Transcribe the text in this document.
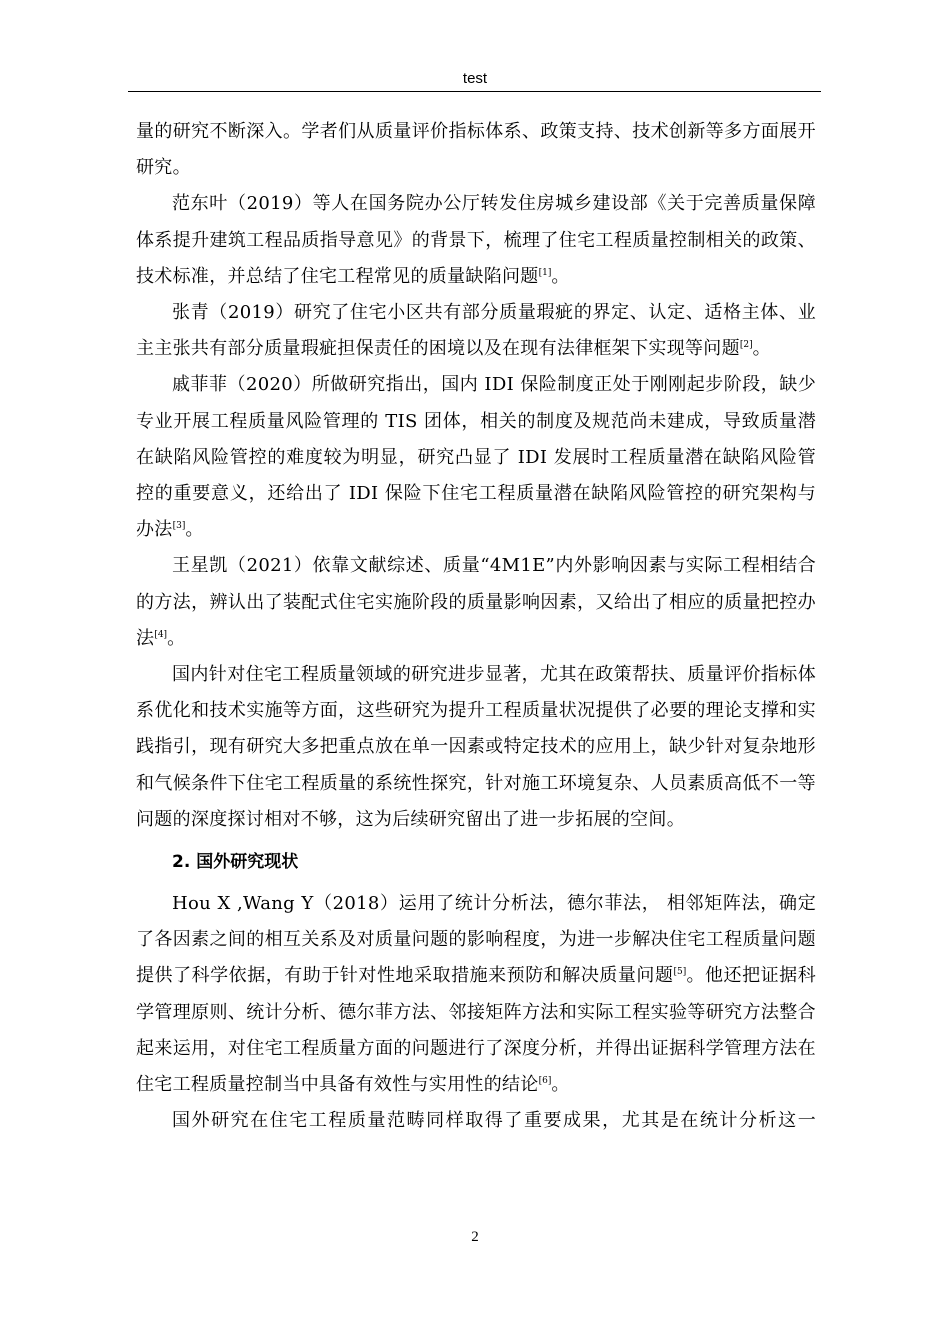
test

量的研究不断深入。学者们从质量评价指标体系、政策支持、技术创新等多方面展开研究。

范东叶（2019）等人在国务院办公厅转发住房城乡建设部《关于完善质量保障体系提升建筑工程品质指导意见》的背景下，梳理了住宅工程质量控制相关的政策、技术标准，并总结了住宅工程常见的质量缺陷问题[1]。

张青（2019）研究了住宅小区共有部分质量瑕疵的界定、认定、适格主体、业主主张共有部分质量瑕疵担保责任的困境以及在现有法律框架下实现等问题[2]。

戚菲菲（2020）所做研究指出，国内 IDI 保险制度正处于刚刚起步阶段，缺少专业开展工程质量风险管理的 TIS 团体，相关的制度及规范尚未建成，导致质量潜在缺陷风险管控的难度较为明显，研究凸显了 IDI 发展时工程质量潜在缺陷风险管控的重要意义，还给出了 IDI 保险下住宅工程质量潜在缺陷风险管控的研究架构与办法[3]。

王星凯（2021）依靠文献综述、质量“4M1E”内外影响因素与实际工程相结合的方法，辨认出了装配式住宅实施阶段的质量影响因素，又给出了相应的质量把控办法[4]。

国内针对住宅工程质量领域的研究进步显著，尤其在政策帮扶、质量评价指标体系优化和技术实施等方面，这些研究为提升工程质量状况提供了必要的理论支撑和实践指引，现有研究大多把重点放在单一因素或特定技术的应用上，缺少针对复杂地形和气候条件下住宅工程质量的系统性探究，针对施工环境复杂、人员素质高低不一等问题的深度探讨相对不够，这为后续研究留出了进一步拓展的空间。

2. 国外研究现状

Hou X ,Wang Y（2018）运用了统计分析法，德尔菲法， 相邻矩阵法，确定了各因素之间的相互关系及对质量问题的影响程度，为进一步解决住宅工程质量问题提供了科学依据，有助于针对性地采取措施来预防和解决质量问题[5]。他还把证据科学管理原则、统计分析、德尔菲方法、邻接矩阵方法和实际工程实验等研究方法整合起来运用，对住宅工程质量方面的问题进行了深度分析，并得出证据科学管理方法在住宅工程质量控制当中具备有效性与实用性的结论[6]。

国外研究在住宅工程质量范畴同样取得了重要成果，尤其是在统计分析这一

2
